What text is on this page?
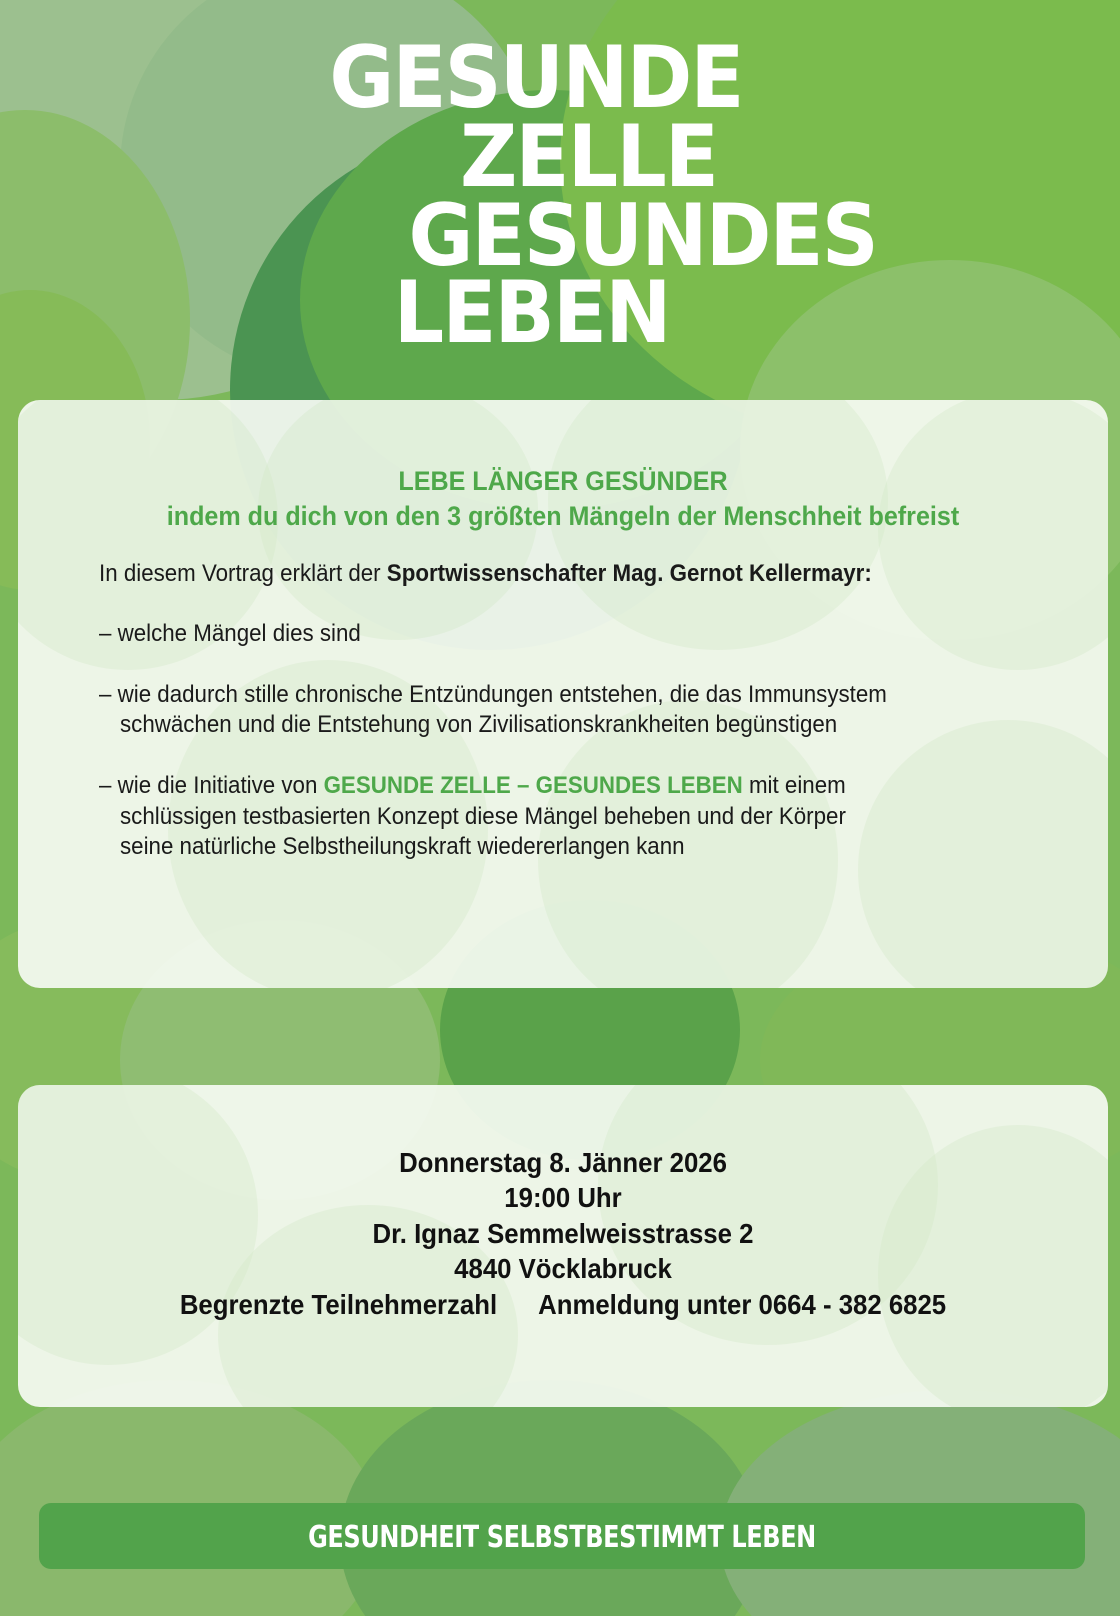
GESUNDE
ZELLE
GESUNDES
LEBEN
LEBE LÄNGER GESÜNDER
indem du dich von den 3 größten Mängeln der Menschheit befreist
In diesem Vortrag erklärt der Sportwissenschafter Mag. Gernot Kellermayr:
– welche Mängel dies sind
– wie dadurch stille chronische Entzündungen entstehen, die das Immunsystem
schwächen und die Entstehung von Zivilisationskrankheiten begünstigen
– wie die Initiative von GESUNDE ZELLE – GESUNDES LEBEN mit einem
schlüssigen testbasierten Konzept diese Mängel beheben und der Körper
seine natürliche Selbstheilungskraft wiedererlangen kann
Donnerstag 8. Jänner 2026
19:00 Uhr
Dr. Ignaz Semmelweisstrasse 2
4840 Vöcklabruck
Begrenzte Teilnehmerzahl Anmeldung unter 0664 - 382 6825
GESUNDHEIT SELBSTBESTIMMT LEBEN
